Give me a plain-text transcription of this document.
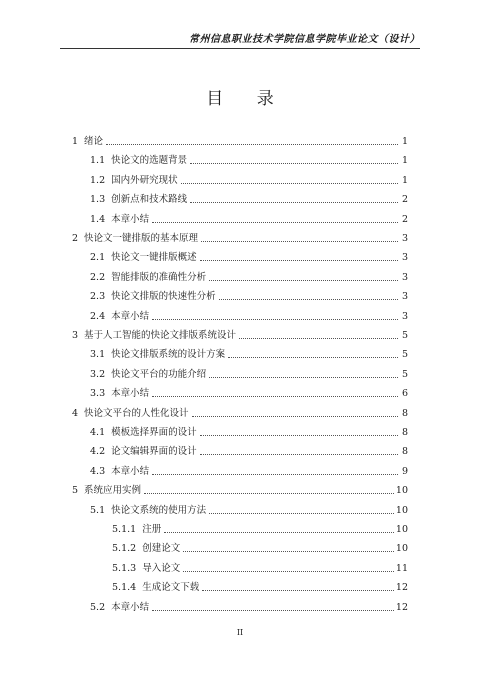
常州信息职业技术学院信息学院毕业论文（设计）
目 录
1 绪论	1
1.1 快论文的选题背景	1
1.2 国内外研究现状	1
1.3 创新点和技术路线	2
1.4 本章小结	2
2 快论文一键排版的基本原理	3
2.1 快论文一键排版概述	3
2.2 智能排版的准确性分析	3
2.3 快论文排版的快速性分析	3
2.4 本章小结	3
3 基于人工智能的快论文排版系统设计	5
3.1 快论文排版系统的设计方案	5
3.2 快论文平台的功能介绍	5
3.3 本章小结	6
4 快论文平台的人性化设计	8
4.1 模板选择界面的设计	8
4.2 论文编辑界面的设计	8
4.3 本章小结	9
5 系统应用实例	10
5.1 快论文系统的使用方法	10
5.1.1 注册	10
5.1.2 创建论文	10
5.1.3 导入论文	11
5.1.4 生成论文下载	12
5.2 本章小结	12
II
